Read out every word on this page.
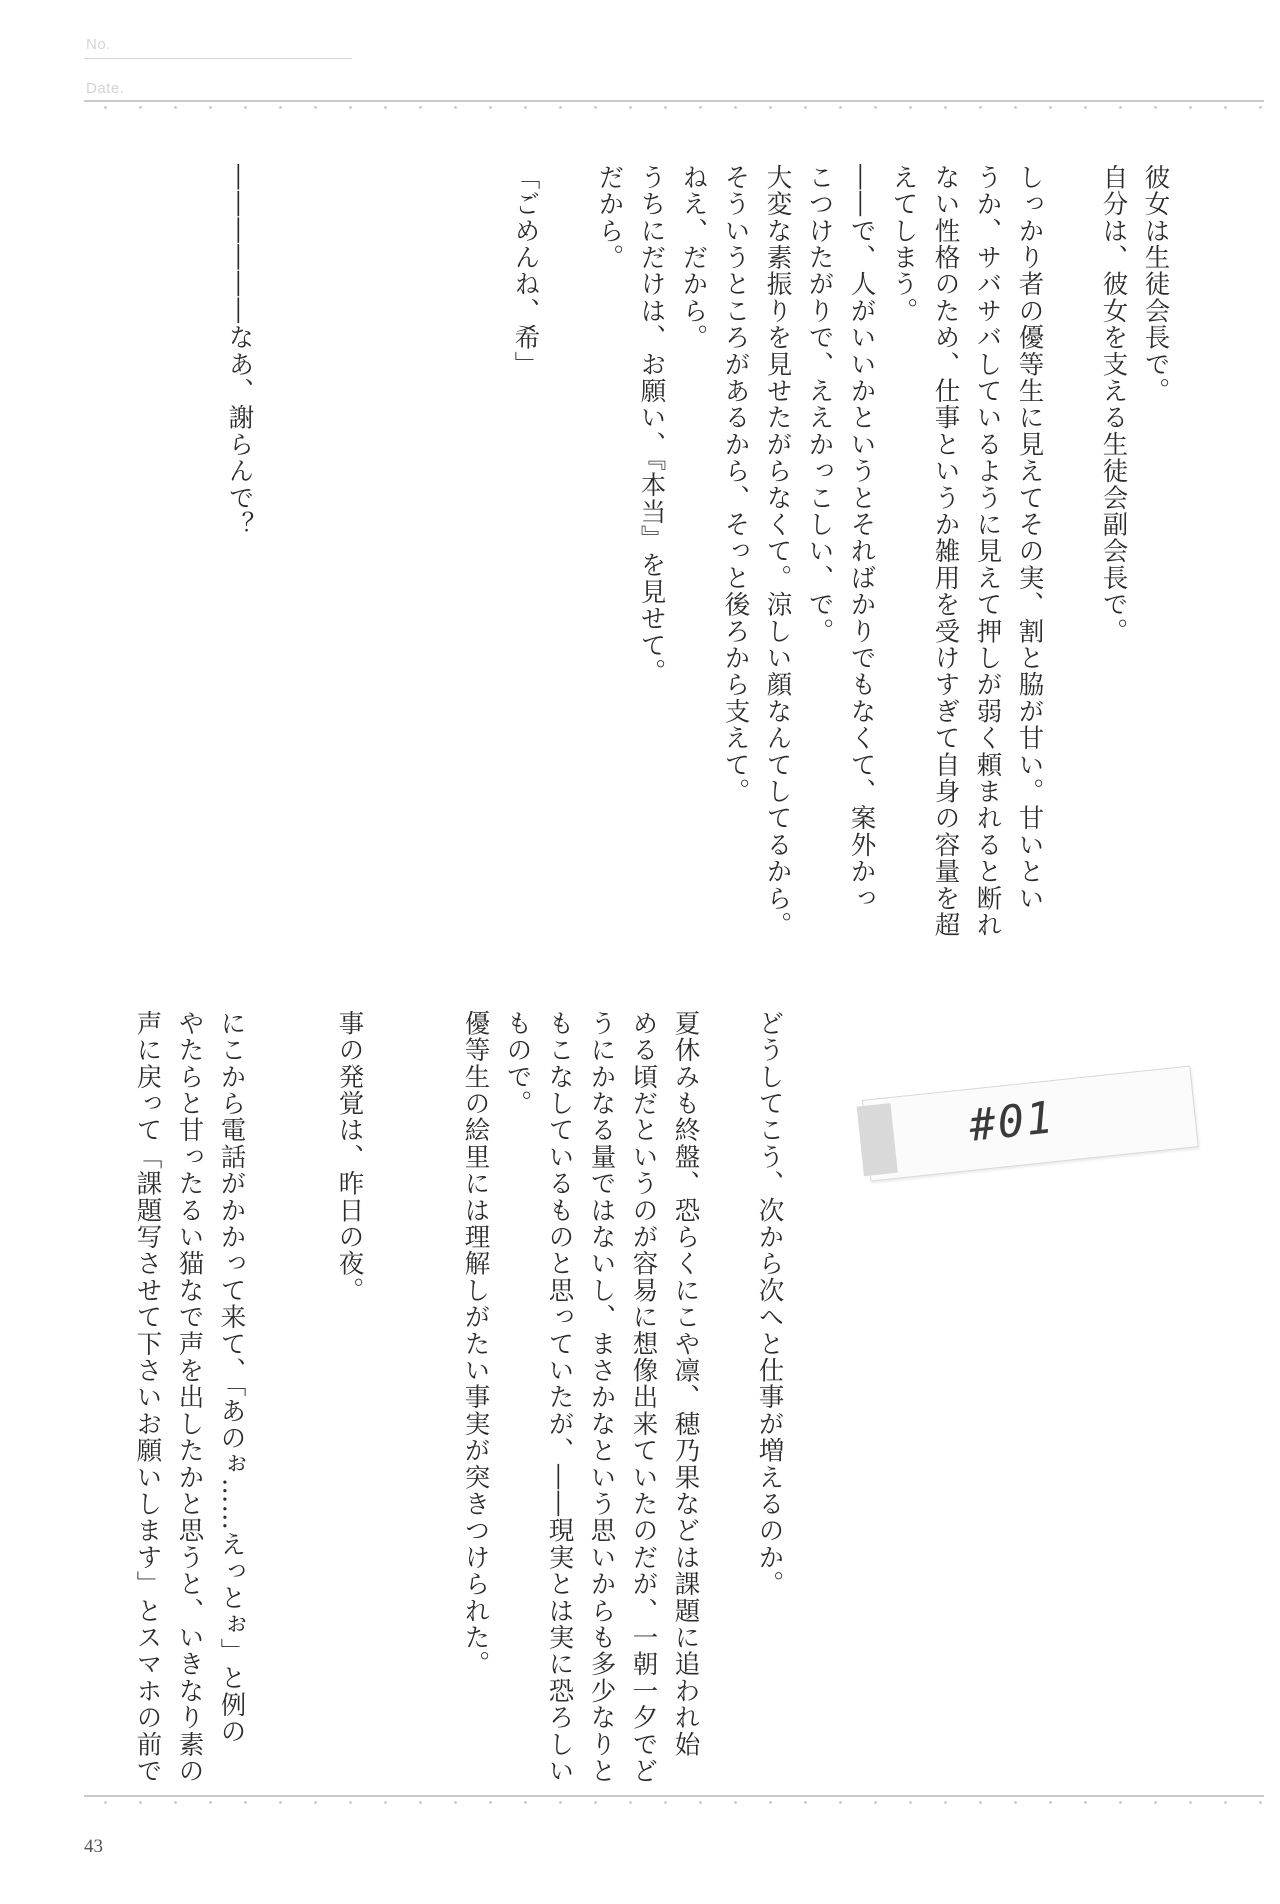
No.
Date.
彼女は生徒会長で。
自分は、彼女を支える生徒会副会長で。
しっかり者の優等生に見えてその実、割と脇が甘い。甘いとい
うか、サバサバしているように見えて押しが弱く頼まれると断れ
ない性格のため、仕事というか雑用を受けすぎて自身の容量を超
えてしまう。
――で、人がいいかというとそればかりでもなくて、案外かっ
こつけたがりで、ええかっこしい、で。
大変な素振りを見せたがらなくて。涼しい顔なんてしてるから。
そういうところがあるから、そっと後ろから支えて。
ねえ、だから。
うちにだけは、お願い、『本当』を見せて。
だから。
「ごめんね、希」
――――――なあ、謝らんで？
#01
どうしてこう、次から次へと仕事が増えるのか。
夏休みも終盤、恐らくにこや凛、穂乃果などは課題に追われ始
める頃だというのが容易に想像出来ていたのだが、一朝一夕でど
うにかなる量ではないし、まさかなという思いからも多少なりと
もこなしているものと思っていたが、――現実とは実に恐ろしい
もので。
優等生の絵里には理解しがたい事実が突きつけられた。
事の発覚は、昨日の夜。
にこから電話がかかって来て、「あのぉ……えっとぉ」と例の
やたらと甘ったるい猫なで声を出したかと思うと、いきなり素の
声に戻って「課題写させて下さいお願いします」とスマホの前で
43
